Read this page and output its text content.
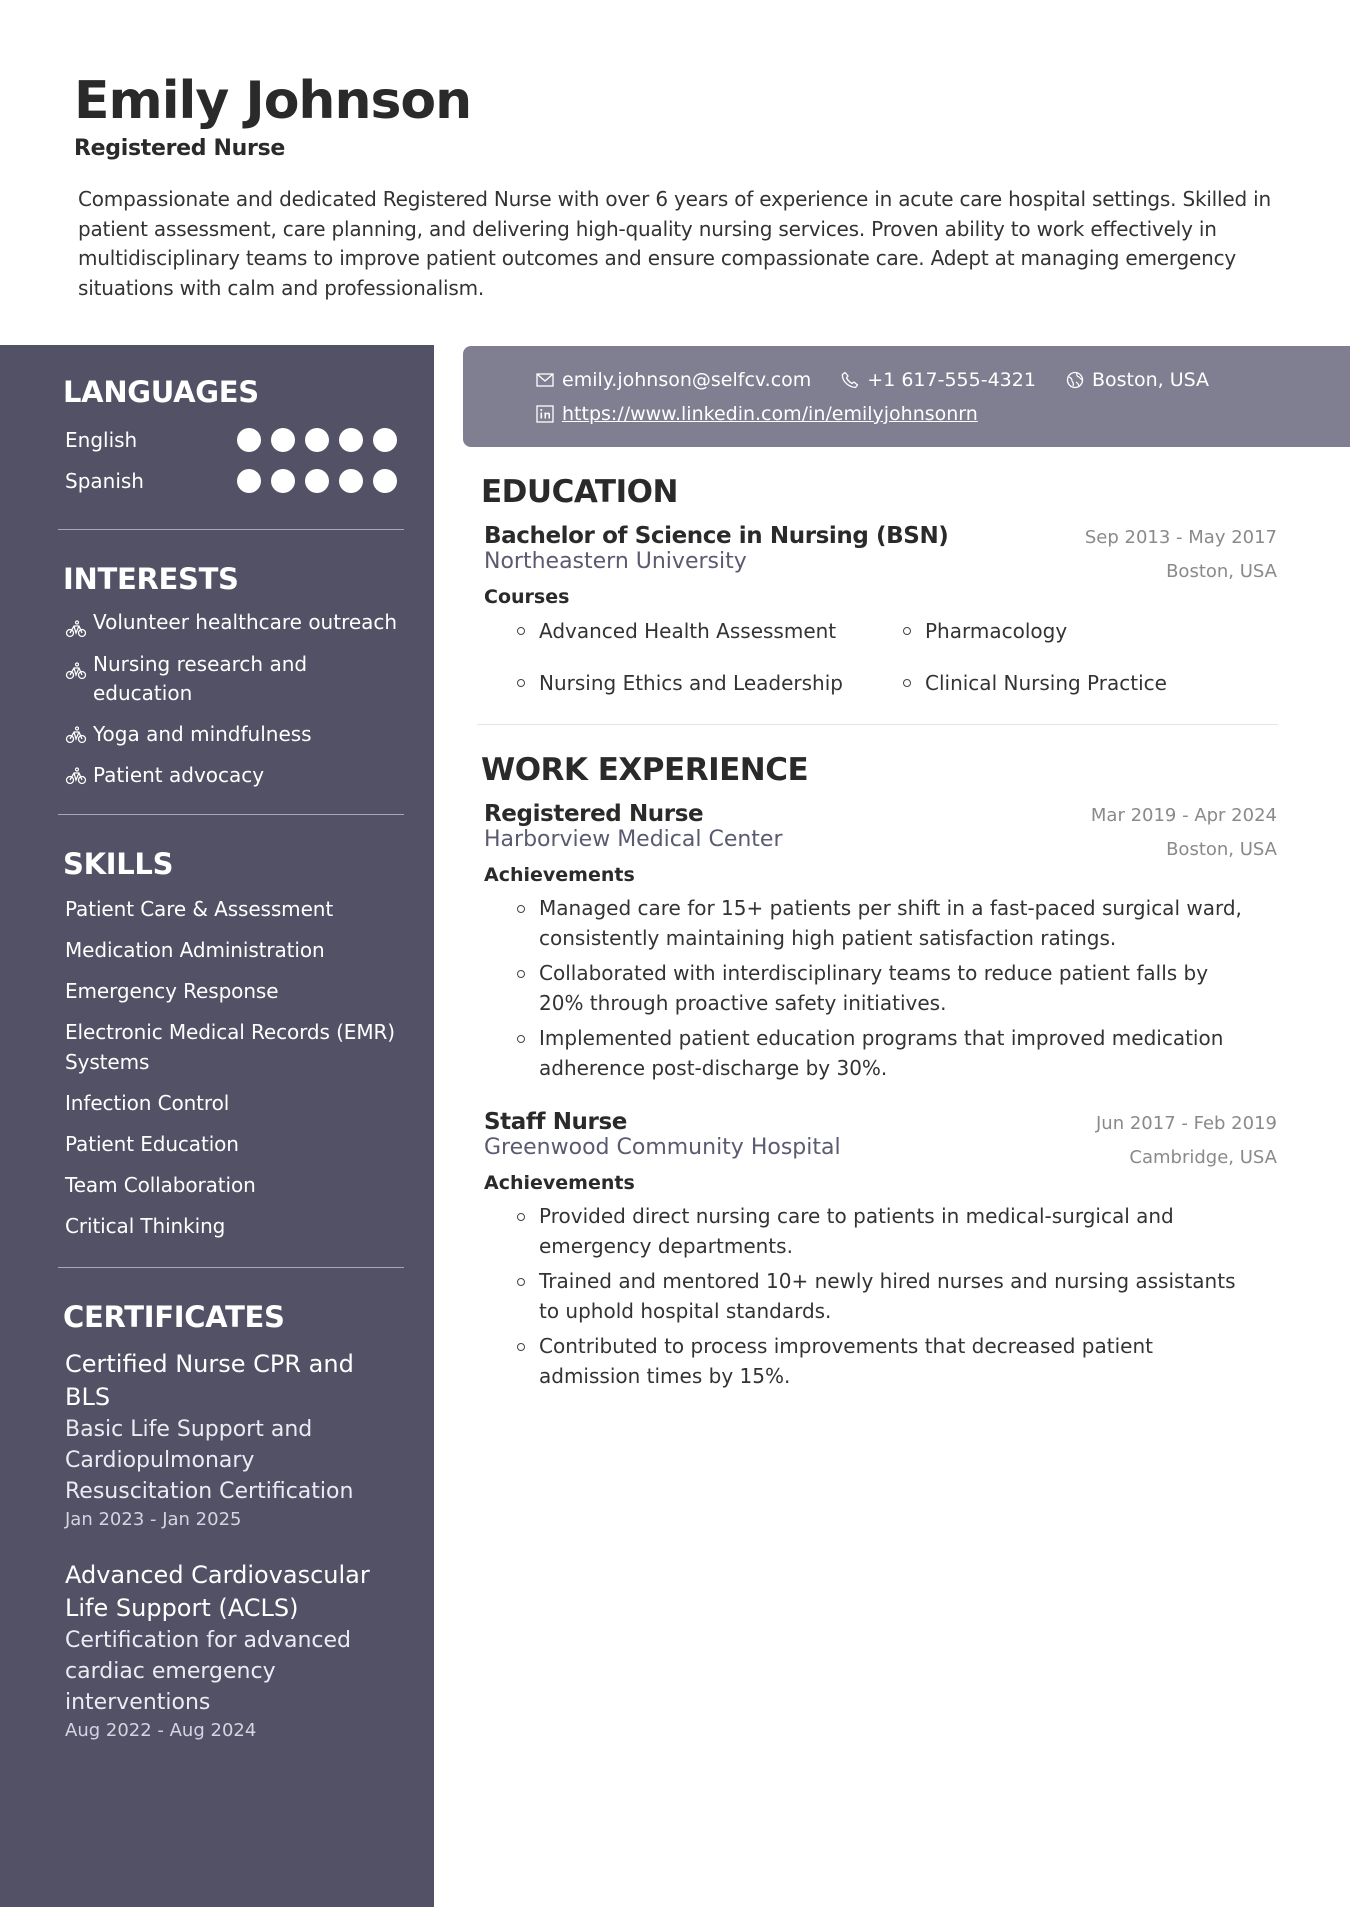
Emily Johnson
Registered Nurse
Compassionate and dedicated Registered Nurse with over 6 years of experience in acute care hospital settings. Skilled in patient assessment, care planning, and delivering high-quality nursing services. Proven ability to work effectively in multidisciplinary teams to improve patient outcomes and ensure compassionate care. Adept at managing emergency situations with calm and professionalism.
LANGUAGES
English
Spanish
INTERESTS
Volunteer healthcare outreach
Nursing research and education
Yoga and mindfulness
Patient advocacy
SKILLS
Patient Care & Assessment
Medication Administration
Emergency Response
Electronic Medical Records (EMR) Systems
Infection Control
Patient Education
Team Collaboration
Critical Thinking
CERTIFICATES
Certified Nurse CPR and BLS
Basic Life Support and Cardiopulmonary Resuscitation Certification
Jan 2023 - Jan 2025
Advanced Cardiovascular Life Support (ACLS)
Certification for advanced cardiac emergency interventions
Aug 2022 - Aug 2024
emily.johnson@selfcv.com	+1 617-555-4321	Boston, USA
https://www.linkedin.com/in/emilyjohnsonrn
EDUCATION
Bachelor of Science in Nursing (BSN)	Sep 2013 - May 2017
Northeastern University	Boston, USA
Courses
Advanced Health Assessment	Pharmacology
Nursing Ethics and Leadership	Clinical Nursing Practice
WORK EXPERIENCE
Registered Nurse	Mar 2019 - Apr 2024
Harborview Medical Center	Boston, USA
Achievements
Managed care for 15+ patients per shift in a fast-paced surgical ward, consistently maintaining high patient satisfaction ratings.
Collaborated with interdisciplinary teams to reduce patient falls by 20% through proactive safety initiatives.
Implemented patient education programs that improved medication adherence post-discharge by 30%.
Staff Nurse	Jun 2017 - Feb 2019
Greenwood Community Hospital	Cambridge, USA
Achievements
Provided direct nursing care to patients in medical-surgical and emergency departments.
Trained and mentored 10+ newly hired nurses and nursing assistants to uphold hospital standards.
Contributed to process improvements that decreased patient admission times by 15%.
